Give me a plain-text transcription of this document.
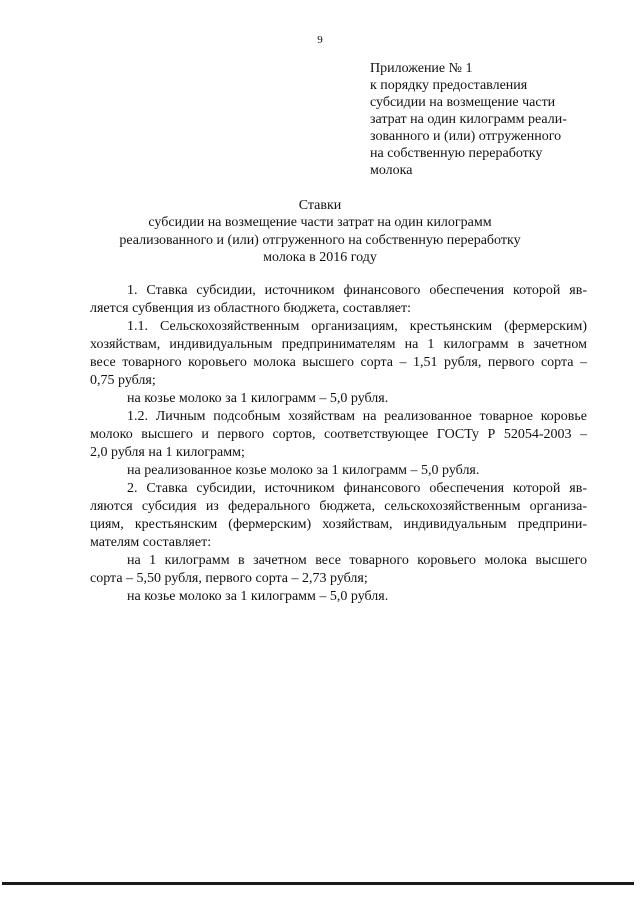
9
Приложение № 1
к порядку предоставления
субсидии на возмещение части
затрат на один килограмм реали-
зованного и (или) отгруженного
на собственную переработку
молока
Ставки
субсидии на возмещение части затрат на один килограмм
реализованного и (или) отгруженного на собственную переработку
молока в 2016 году
1. Ставка субсидии, источником финансового обеспечения которой яв-
ляется субвенция из областного бюджета, составляет:
1.1. Сельскохозяйственным организациям, крестьянским (фермерским)
хозяйствам, индивидуальным предпринимателям на 1 килограмм в зачетном
весе товарного коровьего молока высшего сорта – 1,51 рубля, первого сорта –
0,75 рубля;
на козье молоко за 1 килограмм – 5,0 рубля.
1.2. Личным подсобным хозяйствам на реализованное товарное коровье
молоко высшего и первого сортов, соответствующее ГОСТу Р 52054-2003 –
2,0 рубля на 1 килограмм;
на реализованное козье молоко за 1 килограмм – 5,0 рубля.
2. Ставка субсидии, источником финансового обеспечения которой яв-
ляются субсидия из федерального бюджета, сельскохозяйственным организа-
циям, крестьянским (фермерским) хозяйствам, индивидуальным предприни-
мателям составляет:
на 1 килограмм в зачетном весе товарного коровьего молока высшего
сорта – 5,50 рубля, первого сорта – 2,73 рубля;
на козье молоко за 1 килограмм – 5,0 рубля.
